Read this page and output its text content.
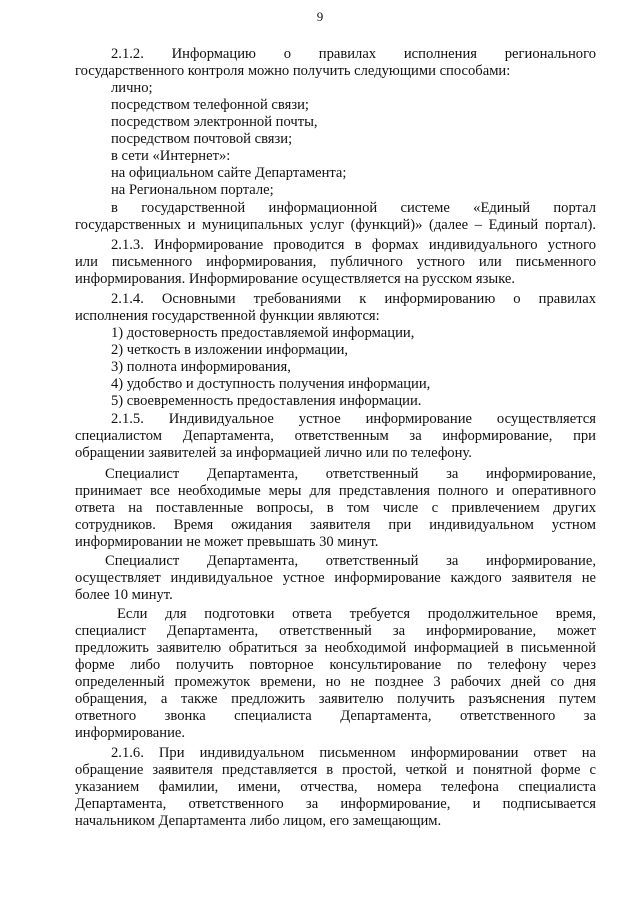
9
2.1.2. Информацию о правилах исполнения регионального
государственного контроля можно получить следующими способами:
лично;
посредством телефонной связи;
посредством электронной почты,
посредством почтовой связи;
в сети «Интернет»:
на официальном сайте Департамента;
на Региональном портале;
в государственной информационной системе «Единый портал
государственных и муниципальных услуг (функций)» (далее – Единый портал).
2.1.3. Информирование проводится в формах индивидуального устного
или письменного информирования, публичного устного или письменного
информирования. Информирование осуществляется на русском языке.
2.1.4. Основными требованиями к информированию о правилах
исполнения государственной функции являются:
1) достоверность предоставляемой информации,
2) четкость в изложении информации,
3) полнота информирования,
4) удобство и доступность получения информации,
5) своевременность предоставления информации.
2.1.5. Индивидуальное устное информирование осуществляется
специалистом Департамента, ответственным за информирование, при
обращении заявителей за информацией лично или по телефону.
Специалист Департамента, ответственный за информирование,
принимает все необходимые меры для представления полного и оперативного
ответа на поставленные вопросы, в том числе с привлечением других
сотрудников. Время ожидания заявителя при индивидуальном устном
информировании не может превышать 30 минут.
Специалист Департамента, ответственный за информирование,
осуществляет индивидуальное устное информирование каждого заявителя не
более 10 минут.
Если для подготовки ответа требуется продолжительное время,
специалист Департамента, ответственный за информирование, может
предложить заявителю обратиться за необходимой информацией в письменной
форме либо получить повторное консультирование по телефону через
определенный промежуток времени, но не позднее 3 рабочих дней со дня
обращения, а также предложить заявителю получить разъяснения путем
ответного звонка специалиста Департамента, ответственного за
информирование.
2.1.6. При индивидуальном письменном информировании ответ на
обращение заявителя представляется в простой, четкой и понятной форме с
указанием фамилии, имени, отчества, номера телефона специалиста
Департамента, ответственного за информирование, и подписывается
начальником Департамента либо лицом, его замещающим.
